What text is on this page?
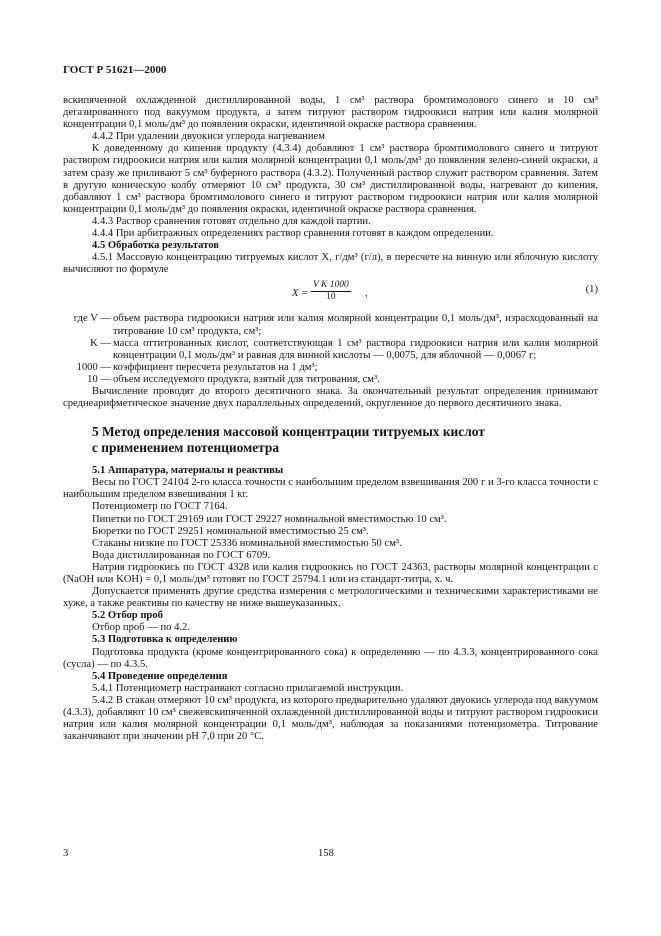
ГОСТ Р 51621—2000

вскипяченной охлажденной дистиллированной воды, 1 см³ раствора бромтимолового синего и 10 см³ дегазированного под вакуумом продукта, а затем титруют раствором гидроокиси натрия или калия молярной концентрации 0,1 моль/дм³ до появления окраски, идентичной окраске раствора сравнения.

4.4.2 При удалении двуокиси углерода нагреванием

К доведенному до кипения продукту (4.3.4) добавляют 1 см³ раствора бромтимолового синего и титруют раствором гидроокиси натрия или калия молярной концентрации 0,1 моль/дм³ до появления зелено-синей окраски, а затем сразу же приливают 5 см³ буферного раствора (4.3.2). Полученный раствор служит раствором сравнения. Затем в другую коническую колбу отмеряют 10 см³ продукта, 30 см³ дистиллированной воды, нагревают до кипения, добавляют 1 см³ раствора бромтимолового синего и титруют раствором гидроокиси натрия или калия молярной концентрации 0,1 моль/дм³ до появления окраски, идентичной окраске раствора сравнения.

4.4.3 Раствор сравнения готовят отдельно для каждой партии.

4.4.4 При арбитражных определениях раствор сравнения готовят в каждом определении.

4.5 Обработка результатов

4.5.1 Массовую концентрацию титруемых кислот X, г/дм³ (г/л), в пересчете на винную или яблочную кислоту вычисляют по формуле

$X = \frac{\text{V K 1000}}{10}$ ,	(1)
где V — объем раствора гидроокиси натрия или калия молярной концентрации 0,1 моль/дм³, израсходованный на титрование 10 см³ продукта, см³;
K — масса оттитрованных кислот, соответствующая 1 см³ раствора гидроокиси натрия или калия молярной концентрации 0,1 моль/дм³ и равная для винной кислоты — 0,0075, для яблочной — 0,0067 г;
1000 — коэффициент пересчета результатов на 1 дм³;
10 — объем исследуемого продукта, взятый для титрования, см³.

Вычисление проводят до второго десятичного знака. За окончательный результат определения принимают среднеарифметическое значение двух параллельных определений, округленное до первого десятичного знака.

5 Метод определения массовой концентрации титруемых кислот
с применением потенциометра

5.1 Аппаратура, материалы и реактивы

Весы по ГОСТ 24104 2-го класса точности с наибольшим пределом взвешивания 200 г и 3-го класса точности с наибольшим пределом взвешивания 1 кг.

Потенциометр по ГОСТ 7164.

Пипетки по ГОСТ 29169 или ГОСТ 29227 номинальной вместимостью 10 см³.

Бюретки по ГОСТ 29251 номинальной вместимостью 25 см³.

Стаканы низкие по ГОСТ 25336 номинальной вместимостью 50 см³.

Вода дистиллированная по ГОСТ 6709.

Натрия гидроокись по ГОСТ 4328 или калия гидроокись по ГОСТ 24363, растворы молярной концентрации c (NaOH или KOH) = 0,1 моль/дм³ готовят по ГОСТ 25794.1 или из стандарт-титра, х. ч.

Допускается применять другие средства измерения с метрологическими и техническими характеристиками не хуже, а также реактивы по качеству не ниже вышеуказанных.

5.2 Отбор проб

Отбор проб — по 4.2.

5.3 Подготовка к определению

Подготовка продукта (кроме концентрированного сока) к определению — по 4.3.3, концентрированного сока (сусла) — по 4.3.5.

5.4 Проведение определения

5.4.1 Потенциометр настраивают согласно прилагаемой инструкции.

5.4.2 В стакан отмеряют 10 см³ продукта, из которого предварительно удаляют двуокись углерода под вакуумом (4.3.3), добавляют 10 см³ свежевскипяченной охлажденной дистиллированной воды и титруют раствором гидроокиси натрия или калия молярной концентрации 0,1 моль/дм³, наблюдая за показаниями потенциометра. Титрование заканчивают при значении pH 7,0 при 20 °С.

3	158
